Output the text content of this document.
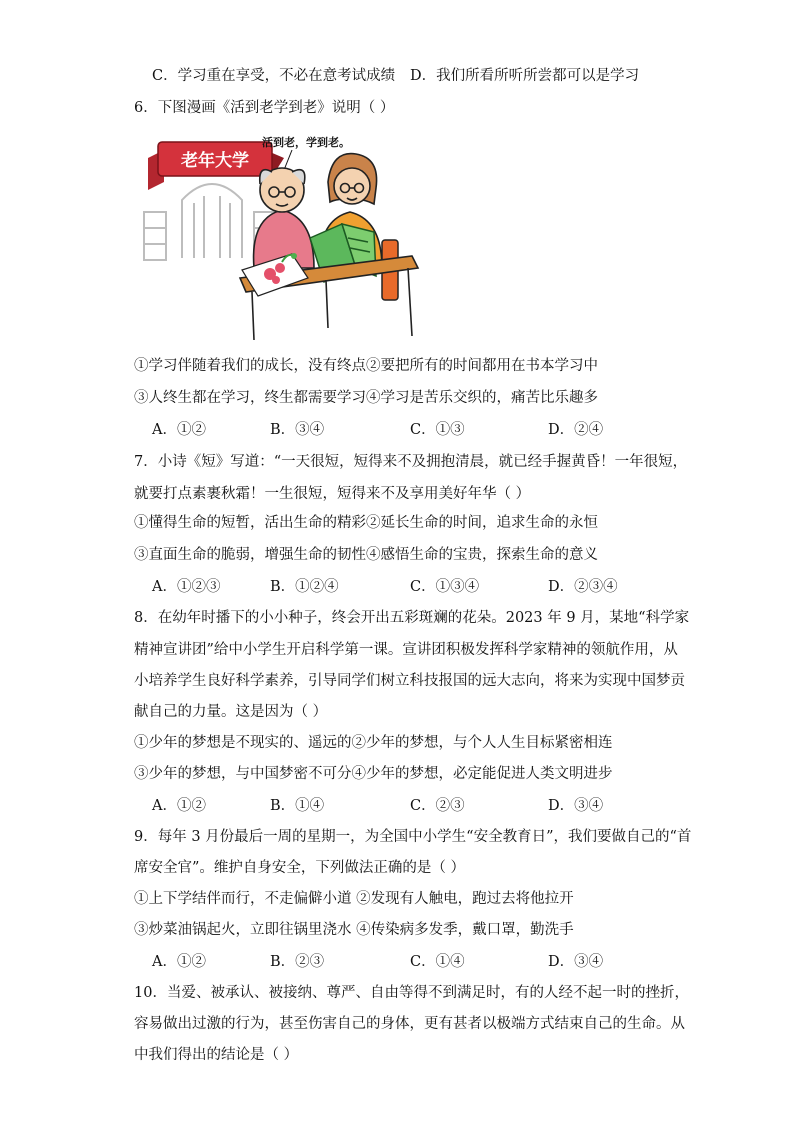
C．学习重在享受，不必在意考试成绩 D．我们所看所听所尝都可以是学习
6．下图漫画《活到老学到老》说明（ ）
老年大学
活到老，学到老。
①学习伴随着我们的成长，没有终点②要把所有的时间都用在书本学习中
③人终生都在学习，终生都需要学习④学习是苦乐交织的，痛苦比乐趣多
A．①②	B．③④	C．①③	D．②④
7．小诗《短》写道：“一天很短，短得来不及拥抱清晨，就已经手握黄昏！一年很短，
就要打点素裹秋霜！一生很短，短得来不及享用美好年华（ ）
①懂得生命的短暂，活出生命的精彩②延长生命的时间，追求生命的永恒
③直面生命的脆弱，增强生命的韧性④感悟生命的宝贵，探索生命的意义
A．①②③	B．①②④	C．①③④	D．②③④
8．在幼年时播下的小小种子，终会开出五彩斑斓的花朵。2023 年 9 月，某地“科学家
精神宣讲团”给中小学生开启科学第一课。宣讲团积极发挥科学家精神的领航作用，从
小培养学生良好科学素养，引导同学们树立科技报国的远大志向，将来为实现中国梦贡
献自己的力量。这是因为（ ）
①少年的梦想是不现实的、遥远的②少年的梦想，与个人人生目标紧密相连
③少年的梦想，与中国梦密不可分④少年的梦想，必定能促进人类文明进步
A．①②	B．①④	C．②③	D．③④
9．每年 3 月份最后一周的星期一，为全国中小学生“安全教育日”，我们要做自己的“首
席安全官”。维护自身安全，下列做法正确的是（ ）
①上下学结伴而行，不走偏僻小道 ②发现有人触电，跑过去将他拉开
③炒菜油锅起火，立即往锅里浇水 ④传染病多发季，戴口罩，勤洗手
A．①②	B．②③	C．①④	D．③④
10．当爱、被承认、被接纳、尊严、自由等得不到满足时，有的人经不起一时的挫折，
容易做出过激的行为，甚至伤害自己的身体，更有甚者以极端方式结束自己的生命。从
中我们得出的结论是（ ）
